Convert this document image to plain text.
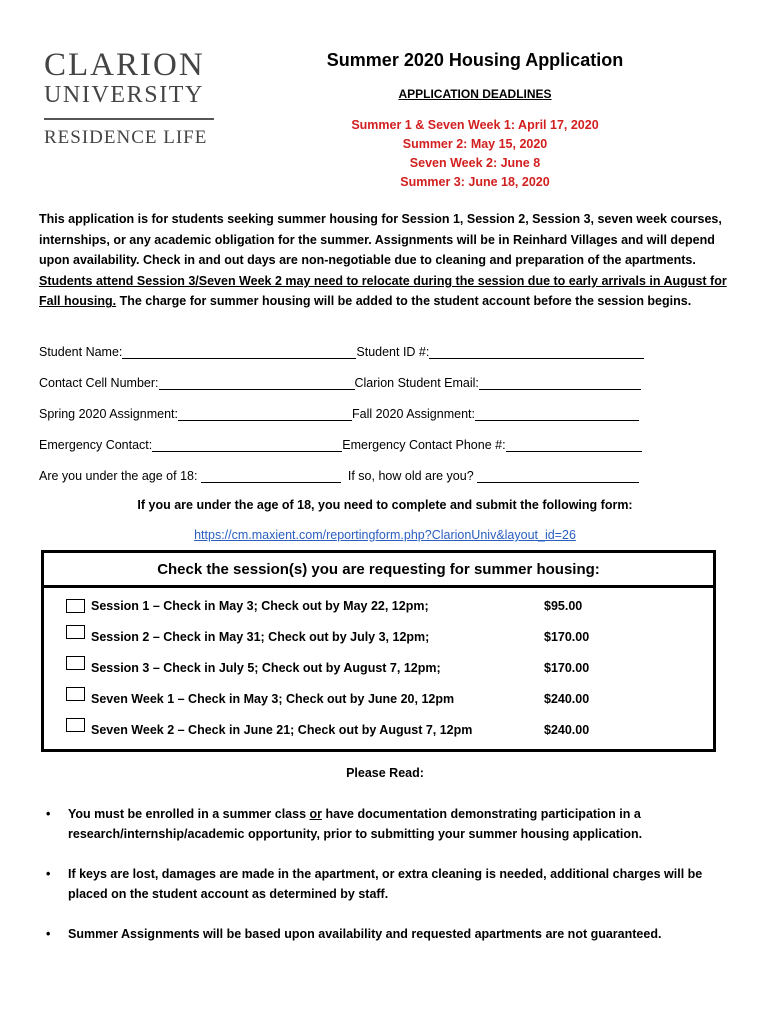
CLARION
UNIVERSITY
RESIDENCE LIFE
Summer 2020 Housing Application
APPLICATION DEADLINES
Summer 1 & Seven Week 1: April 17, 2020
Summer 2: May 15, 2020
Seven Week 2: June 8
Summer 3: June 18, 2020

This application is for students seeking summer housing for Session 1, Session 2, Session 3, seven week courses, internships, or any academic obligation for the summer. Assignments will be in Reinhard Villages and will depend upon availability. Check in and out days are non-negotiable due to cleaning and preparation of the apartments. Students attend Session 3/Seven Week 2 may need to relocate during the session due to early arrivals in August for Fall housing. The charge for summer housing will be added to the student account before the session begins.

Student Name:	Student ID #:
Contact Cell Number:	Clarion Student Email:
Spring 2020 Assignment:	Fall 2020 Assignment:
Emergency Contact:	Emergency Contact Phone #:
Are you under the age of 18:	If so, how old are you?
If you are under the age of 18, you need to complete and submit the following form:
https://cm.maxient.com/reportingform.php?ClarionUniv&layout_id=26
Check the session(s) you are requesting for summer housing:
Session 1 – Check in May 3; Check out by May 22, 12pm;	$95.00
Session 2 – Check in May 31; Check out by July 3, 12pm;	$170.00
Session 3 – Check in July 5; Check out by August 7, 12pm;	$170.00
Seven Week 1 – Check in May 3; Check out by June 20, 12pm	$240.00
Seven Week 2 – Check in June 21; Check out by August 7, 12pm	$240.00
Please Read:
• You must be enrolled in a summer class or have documentation demonstrating participation in a research/internship/academic opportunity, prior to submitting your summer housing application.
• If keys are lost, damages are made in the apartment, or extra cleaning is needed, additional charges will be placed on the student account as determined by staff.
• Summer Assignments will be based upon availability and requested apartments are not guaranteed.
